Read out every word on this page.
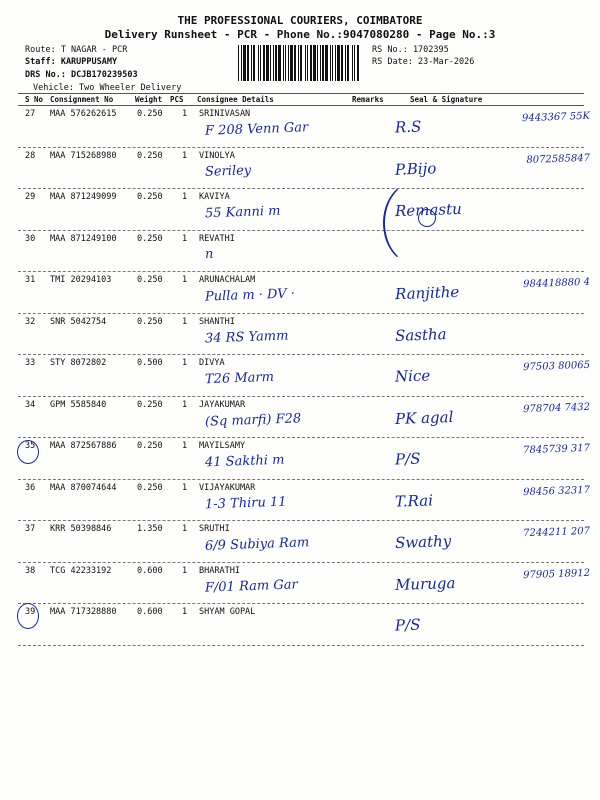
THE PROFESSIONAL COURIERS, COIMBATORE
Delivery Runsheet - PCR - Phone No.:9047080280 - Page No.:3
Route: T NAGAR - PCR
Staff: KARUPPUSAMY
DRS No.: DCJB170239503
Vehicle: Two Wheeler Delivery
RS No.: 1702395
RS Date: 23-Mar-2026
S No Consignment No	Weight PCS Consignee Details	Remarks	Seal & Signature
27 MAA 576262615 0.250 1 SRINIVASAN
F 208 Venn Gar	R.S
9443367 55K
28 MAA 715268980 0.250 1 VINOLYA
Seriley	P.Bijo	8072585847
29 MAA 871249099 0.250 1 KAVIYA
55 Kanni m	Remastu
30 MAA 871249100 0.250 1 REVATHI
n
31 TMI 20294103	0.250 1 ARUNACHALAM
Pulla m · DV ·	Ranjithe	984418880 4
32 SNR 5042754	0.250 1 SHANTHI
34 RS Yamm	Sastha
33 STY 8072802	0.500 1 DIVYA
T26 Marm	Nice	97503 80065
34 GPM 5585840	0.250 1 JAYAKUMAR
(Sq marfi) F28	PK agal	978704 7432
35 MAA 872567886 0.250 1 MAYILSAMY
41 Sakthi m	P/S
7845739 317
36 MAA 870074644 0.250 1 VIJAYAKUMAR
1-3 Thiru 11	T.Rai	98456 32317
37 KRR 50398846	1.350 1 SRUTHI
6/9 Subiya Ram	Swathy	7244211 207
38 TCG 42233192	0.600 1 BHARATHI
F/01 Ram Gar	Muruga	97905 18912
39 MAA 717328880 0.600 1 SHYAM GOPAL
P/S
